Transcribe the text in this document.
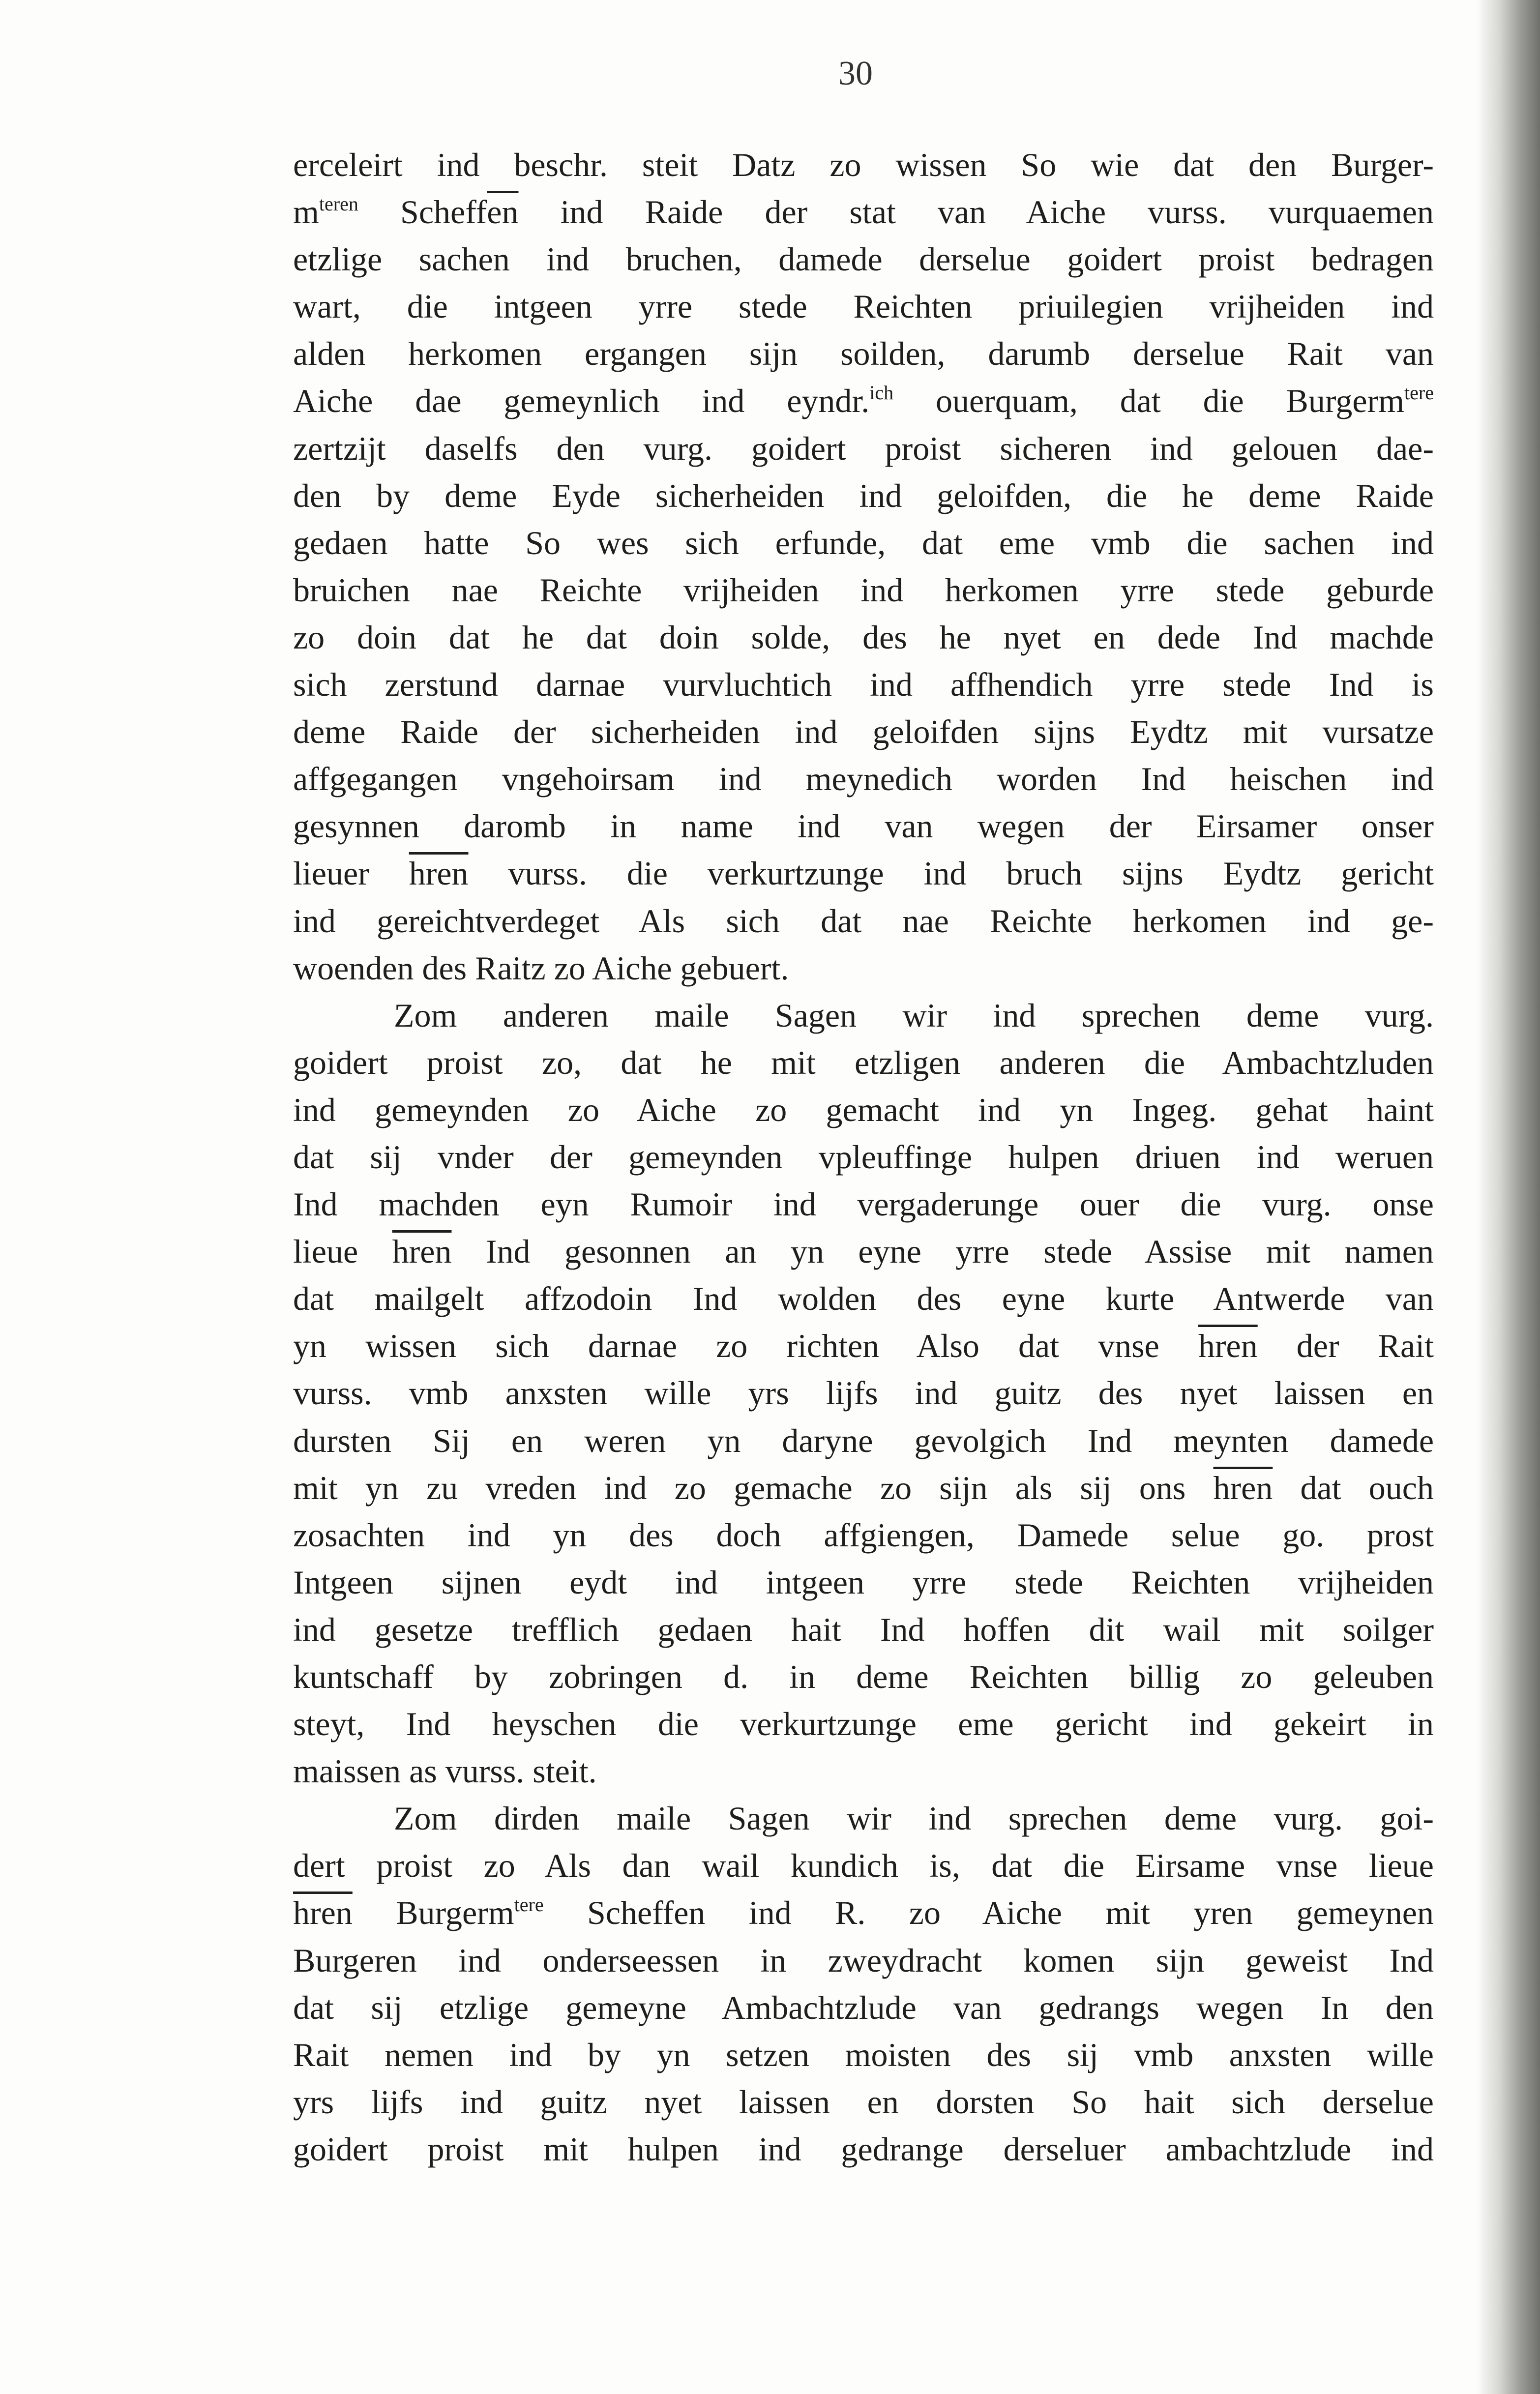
30
erceleirt ind beschr. steit Datz zo wissen So wie dat den Burger-
$m^{teren}$ $Scheff\overline{en}$ ind Raide der stat van Aiche vurss. vurquaemen
etzlige sachen ind bruchen, damede derselue goidert proist bedragen
wart, die intgeen yrre stede Reichten priuilegien vrijheiden ind
alden herkomen ergangen sijn soilden, darumb derselue Rait van
Aiche dae gemeynlich ind eyndr.$^{ich}$ ouerquam, dat die Burgerm$^{tere}$
zertzijt daselfs den vurg. goidert proist sicheren ind gelouen dae-
den by deme Eyde sicherheiden ind geloifden, die he deme Raide
gedaen hatte So wes sich erfunde, dat eme vmb die sachen ind
bruichen nae Reichte vrijheiden ind herkomen yrre stede geburde
zo doin dat he dat doin solde, des he nyet en dede Ind machde
sich zerstund darnae vurvluchtich ind affhendich yrre stede Ind is
deme Raide der sicherheiden ind geloifden sijns Eydtz mit vursatze
affgegangen vngehoirsam ind meynedich worden Ind heischen ind
gesynnen daromb in name ind van wegen der Eirsamer onser
lieuer hren vurss. die verkurtzunge ind bruch sijns Eydtz gericht
ind gereichtverdeget Als sich dat nae Reichte herkomen ind ge-
woenden des Raitz zo Aiche gebuert.
Zom anderen maile Sagen wir ind sprechen deme vurg.
goidert proist zo, dat he mit etzligen anderen die Ambachtzluden
ind gemeynden zo Aiche zo gemacht ind yn Ingeg. gehat haint
dat sij vnder der gemeynden vpleuffinge hulpen driuen ind weruen
Ind machden eyn Rumoir ind vergaderunge ouer die vurg. onse
lieue hren Ind gesonnen an yn eyne yrre stede Assise mit namen
dat mailgelt affzodoin Ind wolden des eyne kurte Antwerde van
yn wissen sich darnae zo richten Also dat vnse hren der Rait
vurss. vmb anxsten wille yrs lijfs ind guitz des nyet laissen en
dursten Sij en weren yn daryne gevolgich Ind meynten damede
mit yn zu vreden ind zo gemache zo sijn als sij ons hren dat ouch
zosachten ind yn des doch affgiengen, Damede selue go. prost
Intgeen sijnen eydt ind intgeen yrre stede Reichten vrijheiden
ind gesetze trefflich gedaen hait Ind hoffen dit wail mit soilger
kuntschaff by zobringen d. in deme Reichten billig zo geleuben
steyt, Ind heyschen die verkurtzunge eme gericht ind gekeirt in
maissen as vurss. steit.
Zom dirden maile Sagen wir ind sprechen deme vurg. goi-
dert proist zo Als dan wail kundich is, dat die Eirsame vnse lieue
hren Burgerm$^{tere}$ Scheffen ind R. zo Aiche mit yren gemeynen
Burgeren ind onderseessen in zweydracht komen sijn geweist Ind
dat sij etzlige gemeyne Ambachtzlude van gedrangs wegen In den
Rait nemen ind by yn setzen moisten des sij vmb anxsten wille
yrs lijfs ind guitz nyet laissen en dorsten So hait sich derselue
goidert proist mit hulpen ind gedrange derseluer ambachtzlude ind
